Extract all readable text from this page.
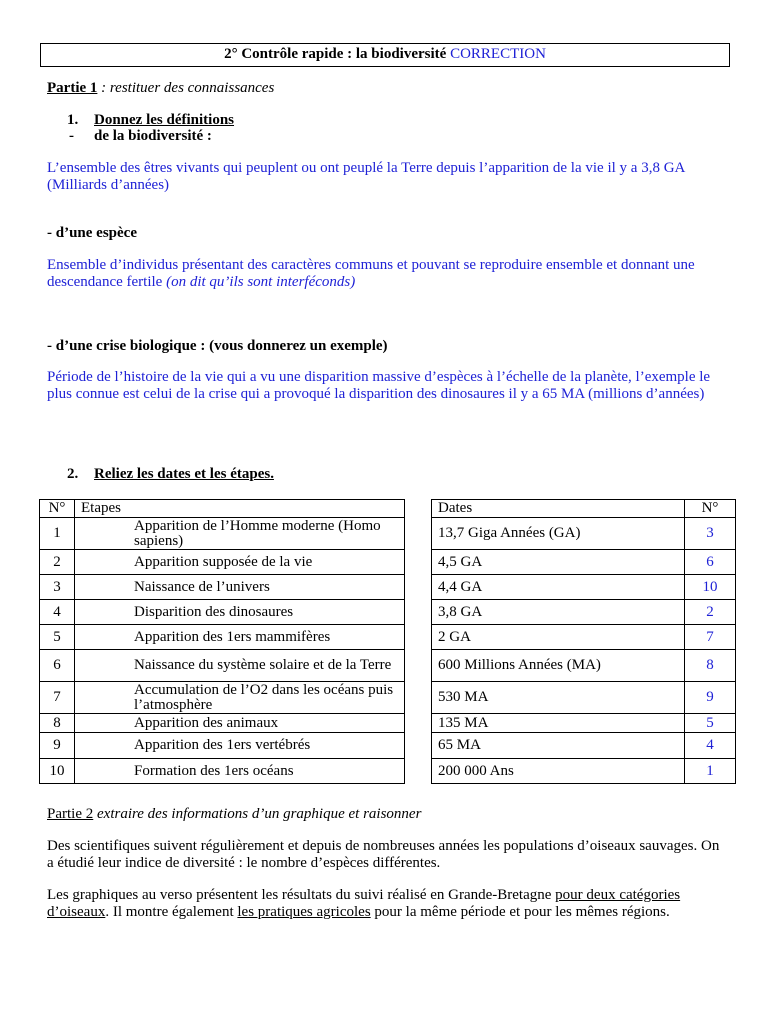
2° Contrôle rapide : la biodiversité CORRECTION
Partie 1 : restituer des connaissances
1. Donnez les définitions
- de la biodiversité :
L’ensemble des êtres vivants qui peuplent ou ont peuplé la Terre depuis l’apparition de la vie il y a 3,8 GA (Milliards d’années)
- d’une espèce
Ensemble d’individus présentant des caractères communs et pouvant se reproduire ensemble et donnant une descendance fertile (on dit qu’ils sont interféconds)
- d’une crise biologique : (vous donnerez un exemple)
Période de l’histoire de la vie qui a vu une disparition massive d’espèces à l’échelle de la planète, l’exemple le plus connue est celui de la crise qui a provoqué la disparition des dinosaures il y a 65 MA (millions d’années)
2. Reliez les dates et les étapes.
N°	Etapes
1	Apparition de l’Homme moderne (Homo sapiens)
2	Apparition supposée de la vie
3	Naissance de l’univers
4	Disparition des dinosaures
5	Apparition des 1ers mammifères
6	Naissance du système solaire et de la Terre
7	Accumulation de l’O2 dans les océans puis l’atmosphère
8	Apparition des animaux
9	Apparition des 1ers vertébrés
10	Formation des 1ers océans
Dates	N°
13,7 Giga Années (GA)	3
4,5 GA	6
4,4 GA	10
3,8 GA	2
2 GA	7
600 Millions Années (MA)	8
530 MA	9
135 MA	5
65 MA	4
200 000 Ans	1
Partie 2 extraire des informations d’un graphique et raisonner
Des scientifiques suivent régulièrement et depuis de nombreuses années les populations d’oiseaux sauvages. On a étudié leur indice de diversité : le nombre d’espèces différentes.
Les graphiques au verso présentent les résultats du suivi réalisé en Grande-Bretagne pour deux catégories d’oiseaux. Il montre également les pratiques agricoles pour la même période et pour les mêmes régions.
